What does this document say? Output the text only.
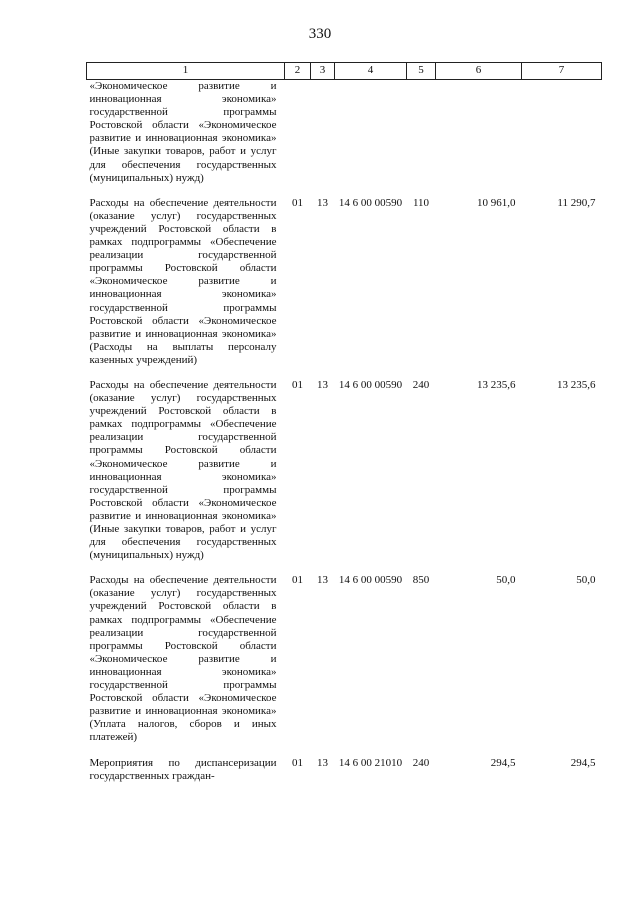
330
1	2	3	4	5	6	7
«Экономическое развитие и инновационная экономика» государственной программы Ростовской области «Экономическое развитие и инновационная экономика» (Иные закупки товаров, работ и услуг для обеспечения государственных (муниципальных) нужд)						

Расходы на обеспечение деятельности (оказание услуг) государственных учреждений Ростовской области в рамках подпрограммы «Обеспечение реализации государственной программы Ростовской области «Экономическое развитие и инновационная экономика» государственной программы Ростовской области «Экономическое развитие и инновационная экономика» (Расходы на выплаты персоналу казенных учреждений)	01	13	14 6 00 00590	110	10 961,0	11 290,7

Расходы на обеспечение деятельности (оказание услуг) государственных учреждений Ростовской области в рамках подпрограммы «Обеспечение реализации государственной программы Ростовской области «Экономическое развитие и инновационная экономика» государственной программы Ростовской области «Экономическое развитие и инновационная экономика» (Иные закупки товаров, работ и услуг для обеспечения государственных (муниципальных) нужд)	01	13	14 6 00 00590	240	13 235,6	13 235,6

Расходы на обеспечение деятельности (оказание услуг) государственных учреждений Ростовской области в рамках подпрограммы «Обеспечение реализации государственной программы Ростовской области «Экономическое развитие и инновационная экономика» государственной программы Ростовской области «Экономическое развитие и инновационная экономика» (Уплата налогов, сборов и иных платежей)	01	13	14 6 00 00590	850	50,0	50,0

Мероприятия по диспансеризации государственных граждан-	01	13	14 6 00 21010	240	294,5	294,5
